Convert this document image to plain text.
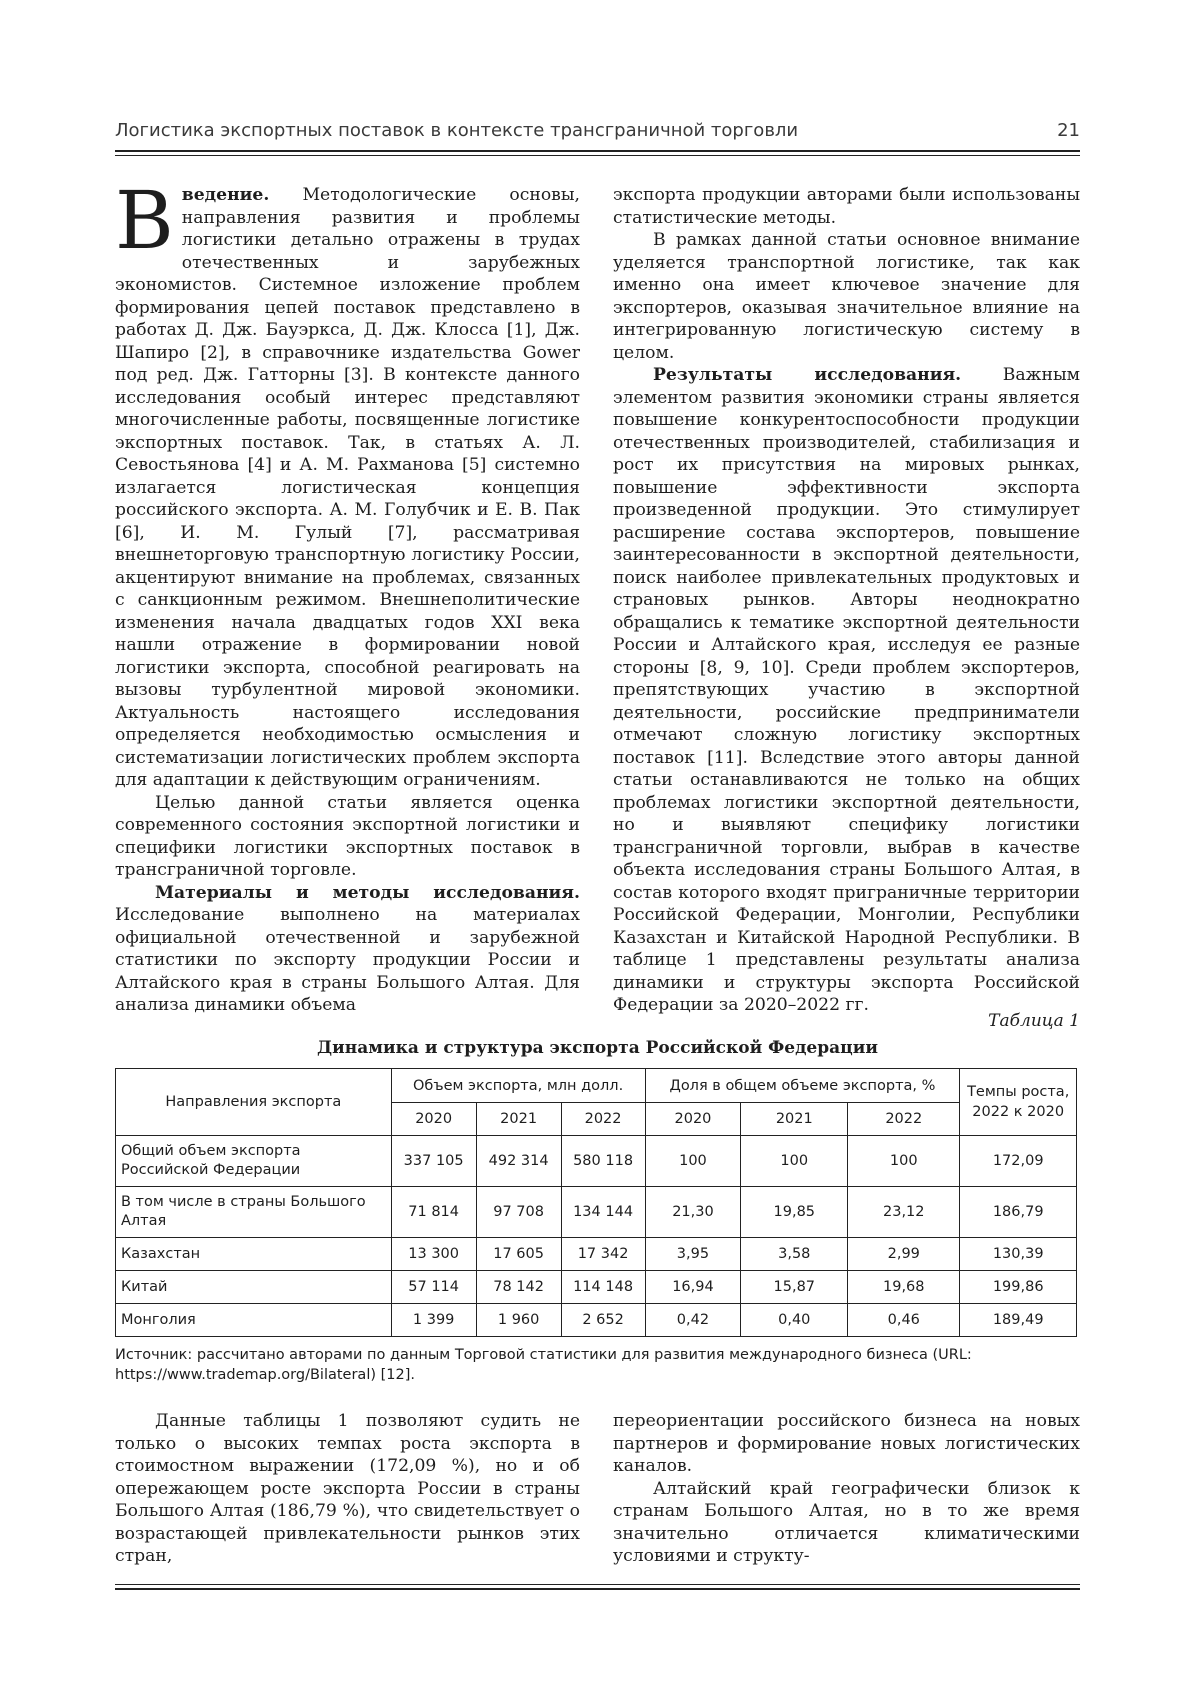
Логистика экспортных поставок в контексте трансграничной торговли	21

Введение. Методологические основы, направления развития и проблемы логистики детально отражены в трудах отечественных и зарубежных экономистов. Системное изложение проблем формирования цепей поставок представлено в работах Д. Дж. Бауэркса, Д. Дж. Клосса [1], Дж. Шапиро [2], в справочнике издательства Gower под ред. Дж. Гатторны [3]. В контексте данного исследования особый интерес представляют многочисленные работы, посвященные логистике экспортных поставок. Так, в статьях А. Л. Севостьянова [4] и А. М. Рахманова [5] системно излагается логистическая концепция российского экспорта. А. М. Голубчик и Е. В. Пак [6], И. М. Гулый [7], рассматривая внешнеторговую транспортную логистику России, акцентируют внимание на проблемах, связанных с санкционным режимом. Внешнеполитические изменения начала двадцатых годов XXI века нашли отражение в формировании новой логистики экспорта, способной реагировать на вызовы турбулентной мировой экономики. Актуальность настоящего исследования определяется необходимостью осмысления и систематизации логистических проблем экспорта для адаптации к действующим ограничениям.

Целью данной статьи является оценка современного состояния экспортной логистики и специфики логистики экспортных поставок в трансграничной торговле.

Материалы и методы исследования. Исследование выполнено на материалах официальной отечественной и зарубежной статистики по экспорту продукции России и Алтайского края в страны Большого Алтая. Для анализа динамики объема

экспорта продукции авторами были использованы статистические методы.

В рамках данной статьи основное внимание уделяется транспортной логистике, так как именно она имеет ключевое значение для экспортеров, оказывая значительное влияние на интегрированную логистическую систему в целом.

Результаты исследования. Важным элементом развития экономики страны является повышение конкурентоспособности продукции отечественных производителей, стабилизация и рост их присутствия на мировых рынках, повышение эффективности экспорта произведенной продукции. Это стимулирует расширение состава экспортеров, повышение заинтересованности в экспортной деятельности, поиск наиболее привлекательных продуктовых и страновых рынков. Авторы неоднократно обращались к тематике экспортной деятельности России и Алтайского края, исследуя ее разные стороны [8, 9, 10]. Среди проблем экспортеров, препятствующих участию в экспортной деятельности, российские предприниматели отмечают сложную логистику экспортных поставок [11]. Вследствие этого авторы данной статьи останавливаются не только на общих проблемах логистики экспортной деятельности, но и выявляют специфику логистики трансграничной торговли, выбрав в качестве объекта исследования страны Большого Алтая, в состав которого входят приграничные территории Российской Федерации, Монголии, Республики Казахстан и Китайской Народной Республики. В таблице 1 представлены результаты анализа динамики и структуры экспорта Российской Федерации за 2020–2022 гг.

Таблица 1
Динамика и структура экспорта Российской Федерации
Направления экспорта	Объем экспорта, млн долл.			Доля в общем объеме экспорта, %			Темпы роста, 2022 к 2020
	2020	2021	2022	2020	2021	2022	
Общий объем экспорта Российской Федерации	337 105	492 314	580 118	100	100	100	172,09
В том числе в страны Большого Алтая	71 814	97 708	134 144	21,30	19,85	23,12	186,79
Казахстан	13 300	17 605	17 342	3,95	3,58	2,99	130,39
Китай	57 114	78 142	114 148	16,94	15,87	19,68	199,86
Монголия	1 399	1 960	2 652	0,42	0,40	0,46	189,49
Источник: рассчитано авторами по данным Торговой статистики для развития международного бизнеса (URL: https://www.trademap.org/Bilateral) [12].

Данные таблицы 1 позволяют судить не только о высоких темпах роста экспорта в стоимостном выражении (172,09 %), но и об опережающем росте экспорта России в страны Большого Алтая (186,79 %), что свидетельствует о возрастающей привлекательности рынков этих стран,

переориентации российского бизнеса на новых партнеров и формирование новых логистических каналов.

Алтайский край географически близок к странам Большого Алтая, но в то же время значительно отличается климатическими условиями и структу-
